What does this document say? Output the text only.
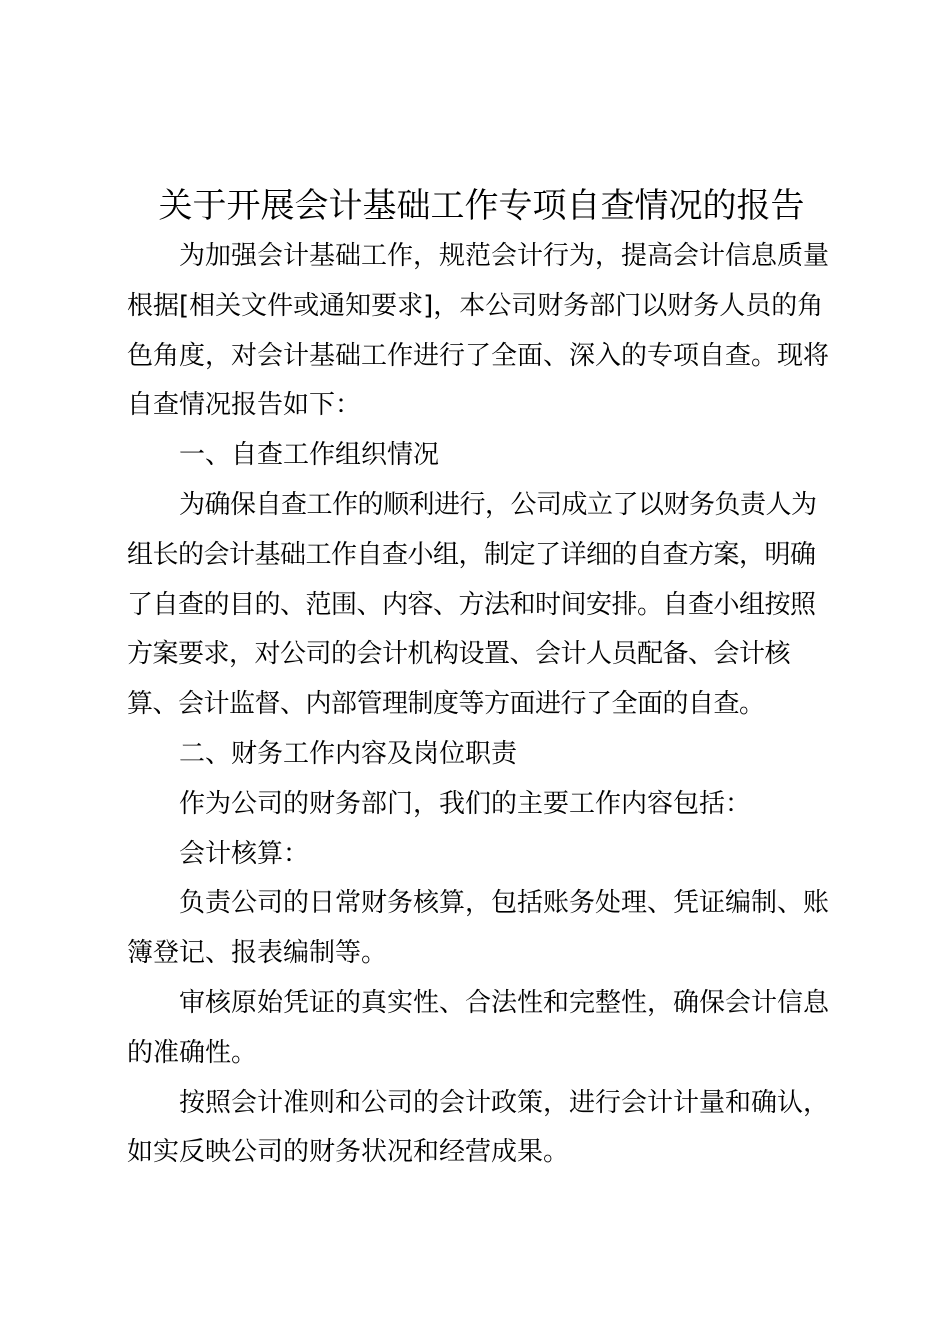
关于开展会计基础工作专项自查情况的报告

为加强会计基础工作，规范会计行为，提高会计信息质量根据[相关文件或通知要求]，本公司财务部门以财务人员的角色角度，对会计基础工作进行了全面、深入的专项自查。现将自查情况报告如下：

一、自查工作组织情况

为确保自查工作的顺利进行，公司成立了以财务负责人为组长的会计基础工作自查小组，制定了详细的自查方案，明确了自查的目的、范围、内容、方法和时间安排。自查小组按照方案要求，对公司的会计机构设置、会计人员配备、会计核算、会计监督、内部管理制度等方面进行了全面的自查。

二、财务工作内容及岗位职责

作为公司的财务部门，我们的主要工作内容包括：

会计核算：

负责公司的日常财务核算，包括账务处理、凭证编制、账簿登记、报表编制等。

审核原始凭证的真实性、合法性和完整性，确保会计信息的准确性。

按照会计准则和公司的会计政策，进行会计计量和确认，如实反映公司的财务状况和经营成果。
